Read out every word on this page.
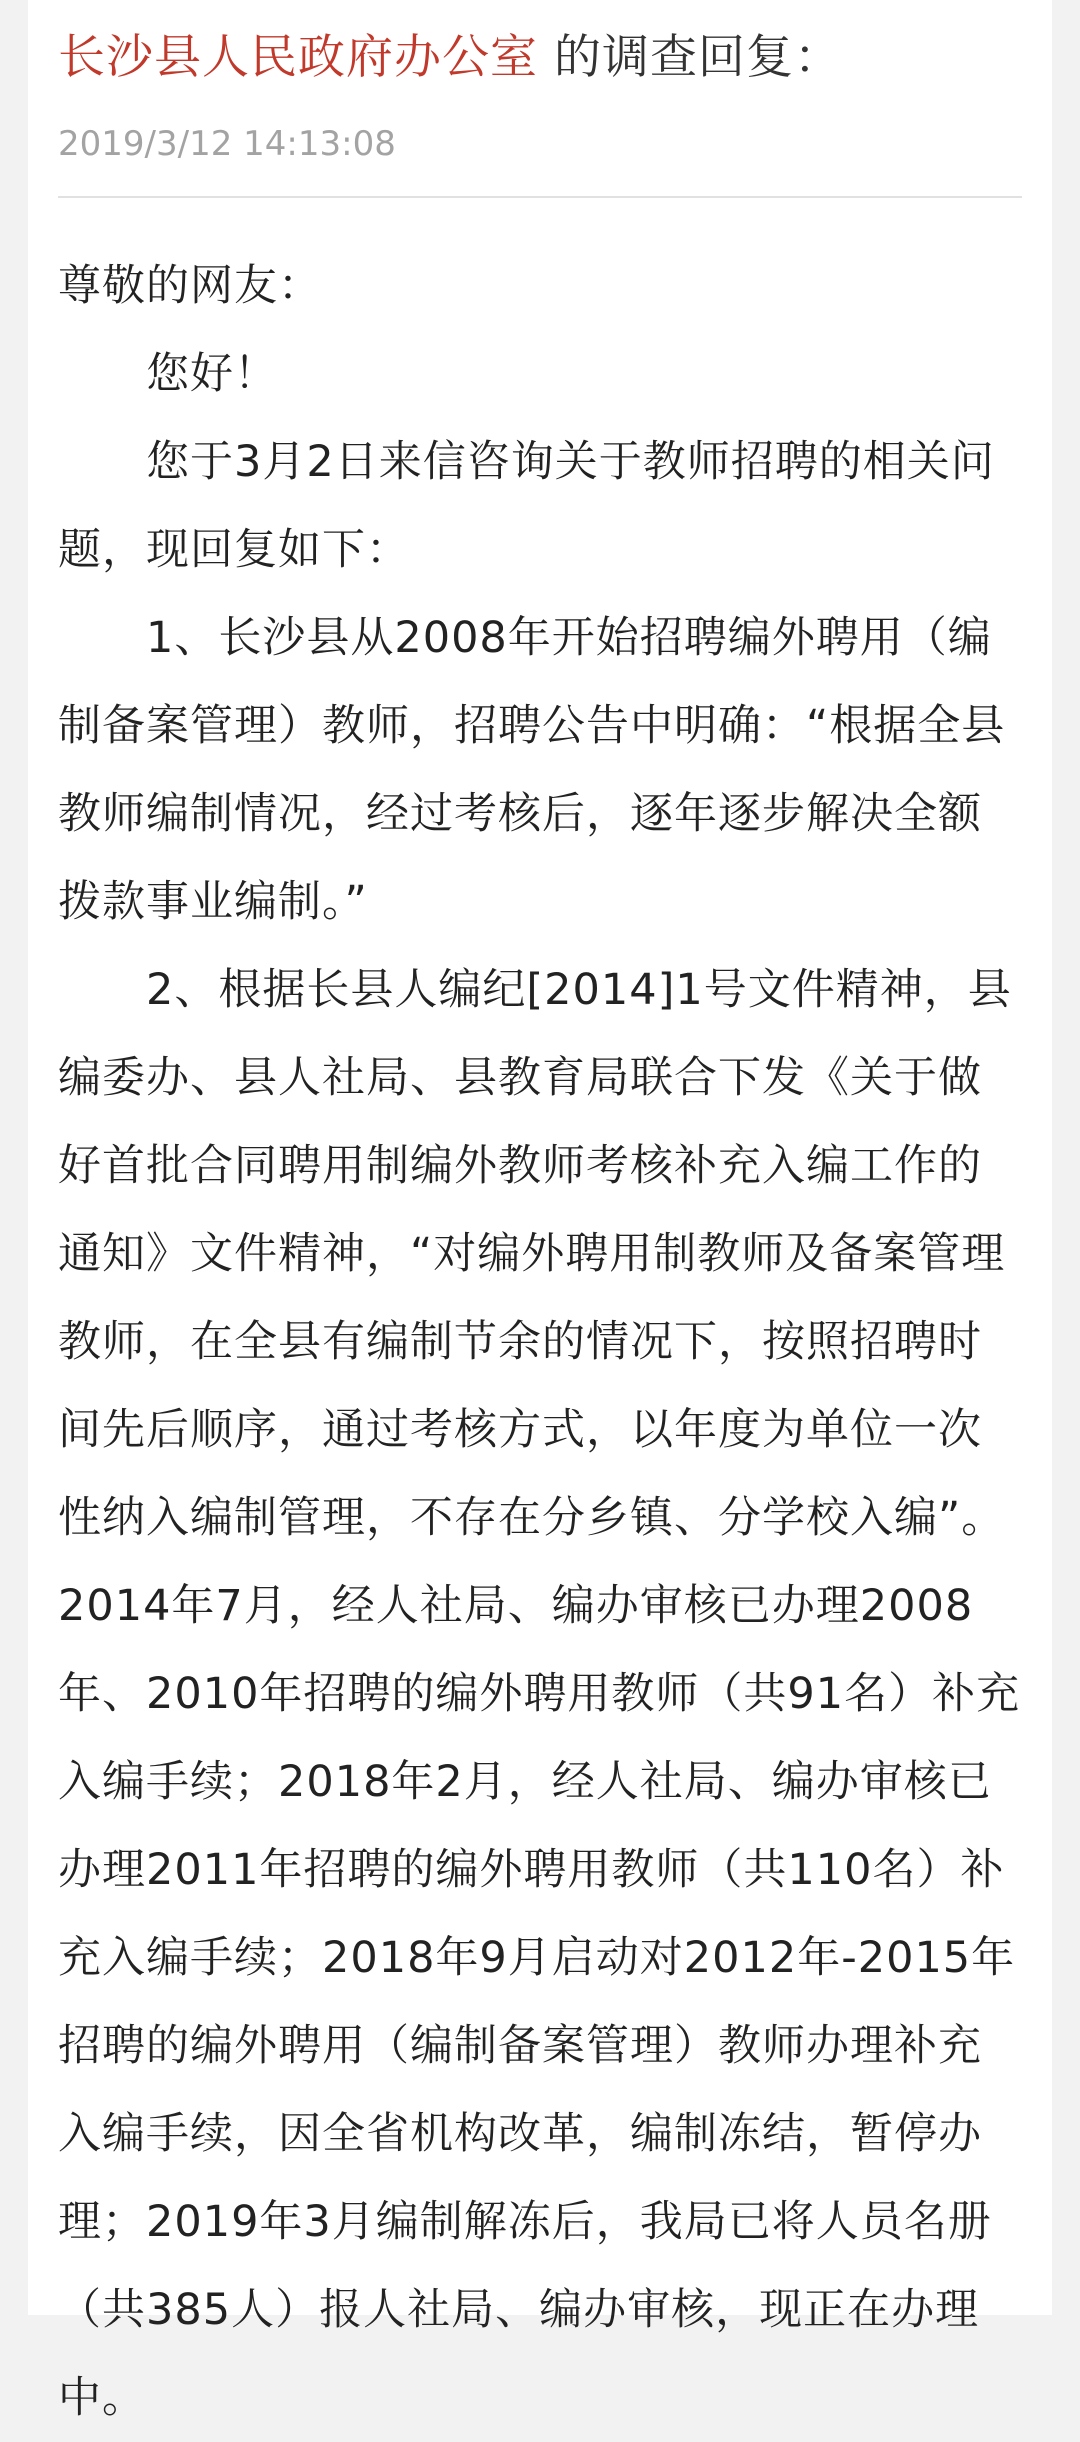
长沙县人民政府办公室 的调查回复：
2019/3/12 14:13:08

尊敬的网友：

您好！

您于3月2日来信咨询关于教师招聘的相关问题，现回复如下：

1、长沙县从2008年开始招聘编外聘用（编制备案管理）教师，招聘公告中明确：“根据全县教师编制情况，经过考核后，逐年逐步解决全额拨款事业编制。”

2、根据长县人编纪[2014]1号文件精神，县编委办、县人社局、县教育局联合下发《关于做好首批合同聘用制编外教师考核补充入编工作的通知》文件精神，“对编外聘用制教师及备案管理教师，在全县有编制节余的情况下，按照招聘时间先后顺序，通过考核方式，以年度为单位一次性纳入编制管理，不存在分乡镇、分学校入编”。2014年7月，经人社局、编办审核已办理2008年、2010年招聘的编外聘用教师（共91名）补充入编手续；2018年2月，经人社局、编办审核已办理2011年招聘的编外聘用教师（共110名）补充入编手续；2018年9月启动对2012年-2015年招聘的编外聘用（编制备案管理）教师办理补充入编手续，因全省机构改革，编制冻结，暂停办理；2019年3月编制解冻后，我局已将人员名册（共385人）报人社局、编办审核，现正在办理中。
